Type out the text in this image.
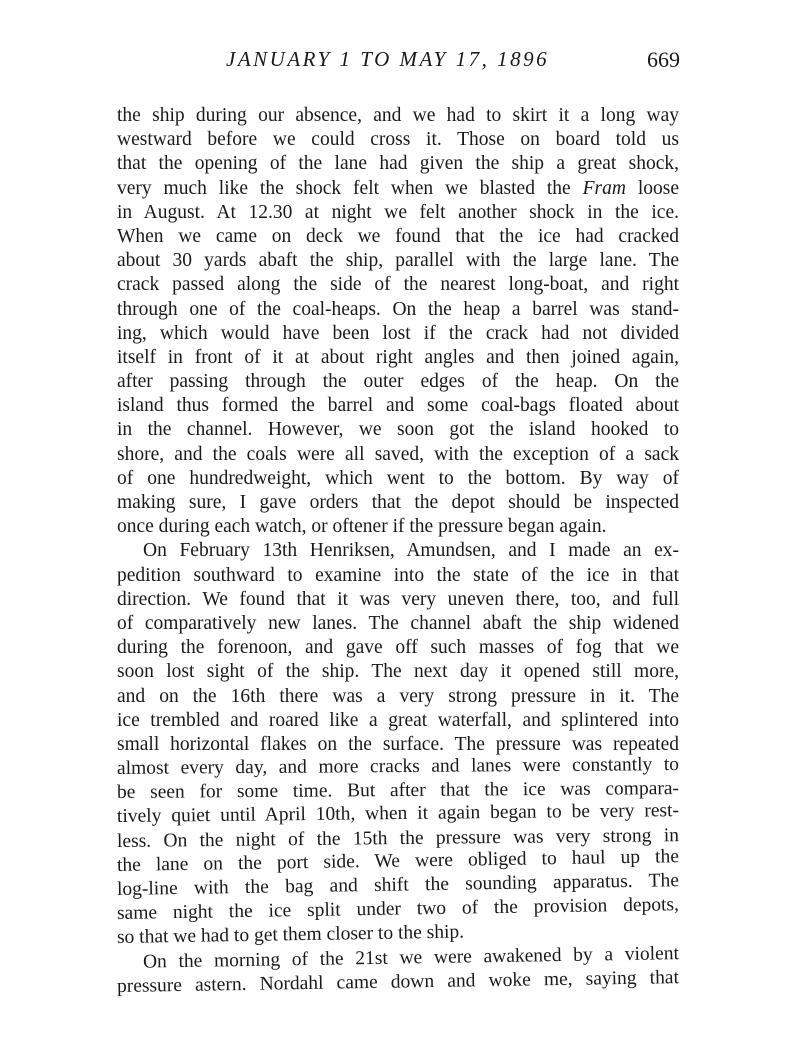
JANUARY 1 TO MAY 17, 1896	669
the ship during our absence, and we had to skirt it a long way
westward before we could cross it. Those on board told us
that the opening of the lane had given the ship a great shock,
very much like the shock felt when we blasted the Fram loose
in August. At 12.30 at night we felt another shock in the ice.
When we came on deck we found that the ice had cracked
about 30 yards abaft the ship, parallel with the large lane. The
crack passed along the side of the nearest long-boat, and right
through one of the coal-heaps. On the heap a barrel was stand-
ing, which would have been lost if the crack had not divided
itself in front of it at about right angles and then joined again,
after passing through the outer edges of the heap. On the
island thus formed the barrel and some coal-bags floated about
in the channel. However, we soon got the island hooked to
shore, and the coals were all saved, with the exception of a sack
of one hundredweight, which went to the bottom. By way of
making sure, I gave orders that the depot should be inspected
once during each watch, or oftener if the pressure began again.
On February 13th Henriksen, Amundsen, and I made an ex-
pedition southward to examine into the state of the ice in that
direction. We found that it was very uneven there, too, and full
of comparatively new lanes. The channel abaft the ship widened
during the forenoon, and gave off such masses of fog that we
soon lost sight of the ship. The next day it opened still more,
and on the 16th there was a very strong pressure in it. The
ice trembled and roared like a great waterfall, and splintered into
small horizontal flakes on the surface. The pressure was repeated
almost every day, and more cracks and lanes were constantly to
be seen for some time. But after that the ice was compara-
tively quiet until April 10th, when it again began to be very rest-
less. On the night of the 15th the pressure was very strong in
the lane on the port side. We were obliged to haul up the
log-line with the bag and shift the sounding apparatus. The
same night the ice split under two of the provision depots,
so that we had to get them closer to the ship.
On the morning of the 21st we were awakened by a violent
pressure astern. Nordahl came down and woke me, saying that
